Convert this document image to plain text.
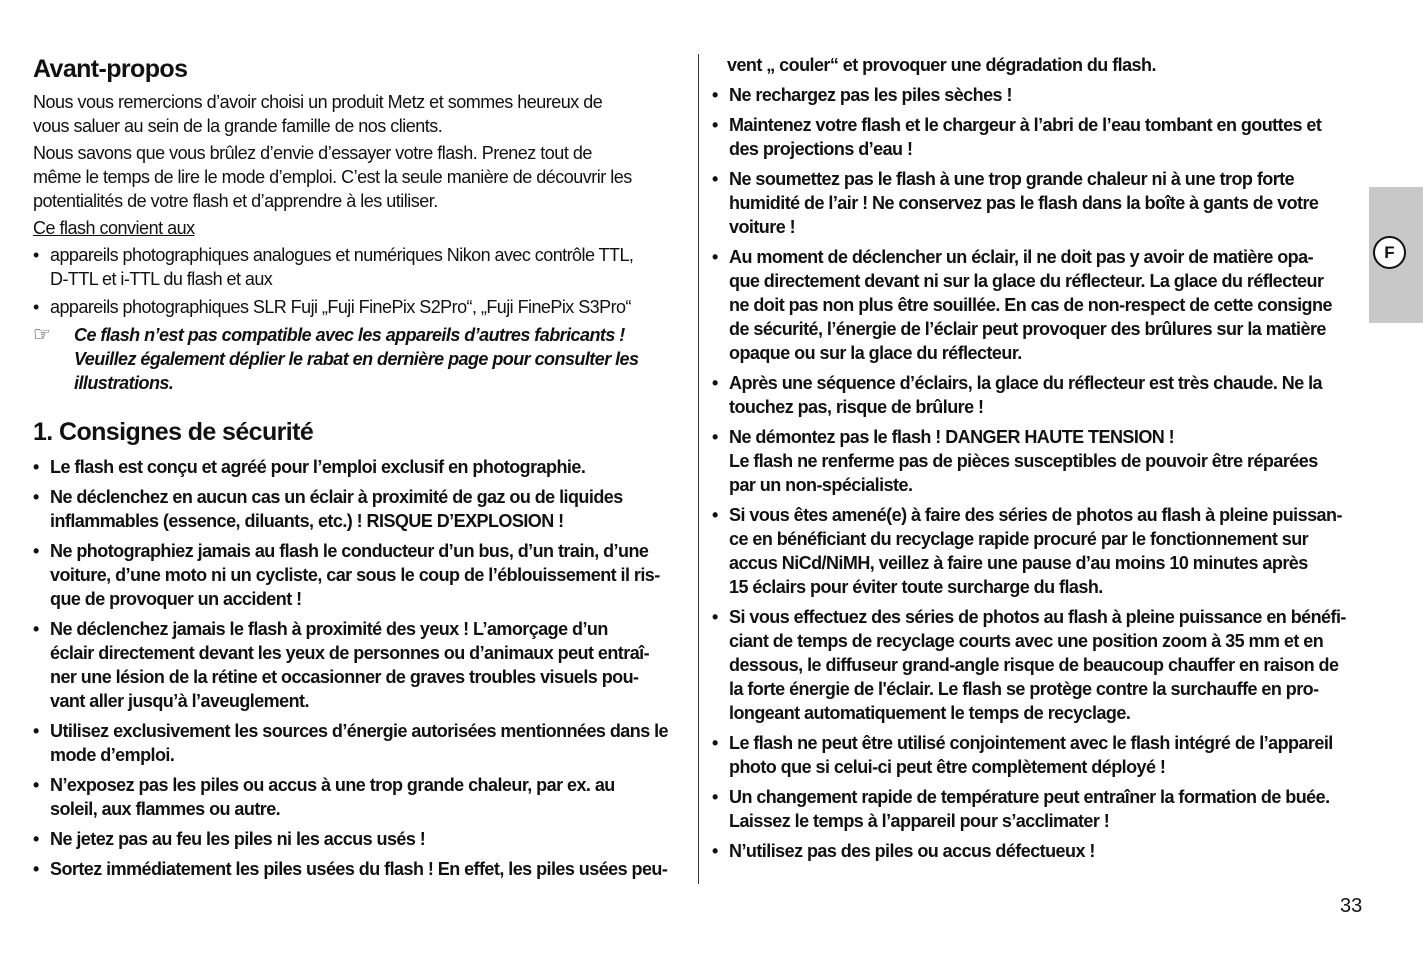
Avant-propos

Nous vous remercions d’avoir choisi un produit Metz et sommes heureux de
vous saluer au sein de la grande famille de nos clients.

Nous savons que vous brûlez d’envie d’essayer votre flash. Prenez tout de
même le temps de lire le mode d’emploi. C’est la seule manière de découvrir les
potentialités de votre flash et d’apprendre à les utiliser.

Ce flash convient aux

• appareils photographiques analogues et numériques Nikon avec contrôle TTL,
D-TTL et i-TTL du flash et aux
• appareils photographiques SLR Fuji „Fuji FinePix S2Pro“, „Fuji FinePix S3Pro“
☞ Ce flash n’est pas compatible avec les appareils d’autres fabricants !
Veuillez également déplier le rabat en dernière page pour consulter les
illustrations.
1. Consignes de sécurité
• Le flash est conçu et agréé pour l’emploi exclusif en photographie.
• Ne déclenchez en aucun cas un éclair à proximité de gaz ou de liquides
inflammables (essence, diluants, etc.) ! RISQUE D’EXPLOSION !
• Ne photographiez jamais au flash le conducteur d’un bus, d’un train, d’une
voiture, d’une moto ni un cycliste, car sous le coup de l’éblouissement il ris-
que de provoquer un accident !
• Ne déclenchez jamais le flash à proximité des yeux ! L’amorçage d’un
éclair directement devant les yeux de personnes ou d’animaux peut entraî-
ner une lésion de la rétine et occasionner de graves troubles visuels pou-
vant aller jusqu’à l’aveuglement.
• Utilisez exclusivement les sources d’énergie autorisées mentionnées dans le
mode d’emploi.
• N’exposez pas les piles ou accus à une trop grande chaleur, par ex. au
soleil, aux flammes ou autre.
• Ne jetez pas au feu les piles ni les accus usés !
• Sortez immédiatement les piles usées du flash ! En effet, les piles usées peu-
vent „ couler“ et provoquer une dégradation du flash.
• Ne rechargez pas les piles sèches !
• Maintenez votre flash et le chargeur à l’abri de l’eau tombant en gouttes et
des projections d’eau !
• Ne soumettez pas le flash à une trop grande chaleur ni à une trop forte
humidité de l’air ! Ne conservez pas le flash dans la boîte à gants de votre
voiture !
• Au moment de déclencher un éclair, il ne doit pas y avoir de matière opa-
que directement devant ni sur la glace du réflecteur. La glace du réflecteur
ne doit pas non plus être souillée. En cas de non-respect de cette consigne
de sécurité, l’énergie de l’éclair peut provoquer des brûlures sur la matière
opaque ou sur la glace du réflecteur.
• Après une séquence d’éclairs, la glace du réflecteur est très chaude. Ne la
touchez pas, risque de brûlure !
• Ne démontez pas le flash ! DANGER HAUTE TENSION !
Le flash ne renferme pas de pièces susceptibles de pouvoir être réparées
par un non-spécialiste.
• Si vous êtes amené(e) à faire des séries de photos au flash à pleine puissan-
ce en bénéficiant du recyclage rapide procuré par le fonctionnement sur
accus NiCd/NiMH, veillez à faire une pause d’au moins 10 minutes après
15 éclairs pour éviter toute surcharge du flash.
• Si vous effectuez des séries de photos au flash à pleine puissance en bénéfi-
ciant de temps de recyclage courts avec une position zoom à 35 mm et en
dessous, le diffuseur grand-angle risque de beaucoup chauffer en raison de
la forte énergie de l'éclair. Le flash se protège contre la surchauffe en pro-
longeant automatiquement le temps de recyclage.
• Le flash ne peut être utilisé conjointement avec le flash intégré de l’appareil
photo que si celui-ci peut être complètement déployé !
• Un changement rapide de température peut entraîner la formation de buée.
Laissez le temps à l’appareil pour s’acclimater !
• N’utilisez pas des piles ou accus défectueux !
F
33
